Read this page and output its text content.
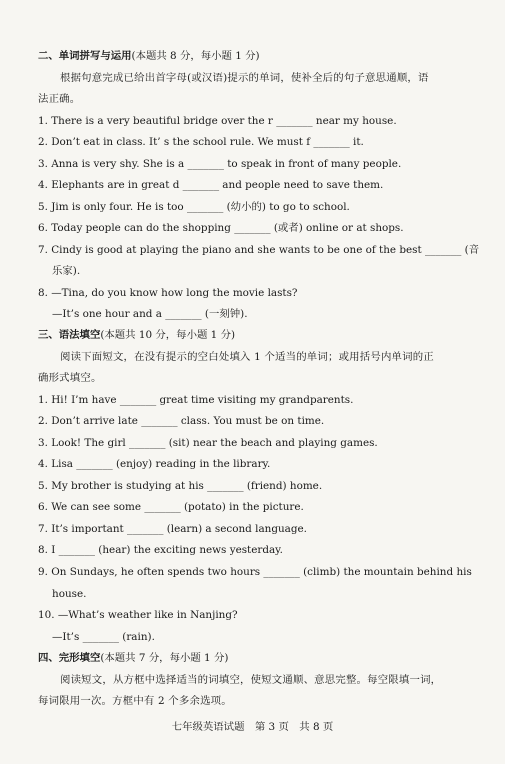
二、单词拼写与运用(本题共 8 分，每小题 1 分)
根据句意完成已给出首字母(或汉语)提示的单词，使补全后的句子意思通顺，语
法正确。
1. There is a very beautiful bridge over the r _______ near my house.
2. Don’t eat in class. It’ s the school rule. We must f _______ it.
3. Anna is very shy. She is a _______ to speak in front of many people.
4. Elephants are in great d _______ and people need to save them.
5. Jim is only four. He is too _______ (幼小的) to go to school.
6. Today people can do the shopping _______ (或者) online or at shops.
7. Cindy is good at playing the piano and she wants to be one of the best _______ (音
乐家).
8. —Tina, do you know how long the movie lasts?
—It’s one hour and a _______ (一刻钟).
三、语法填空(本题共 10 分，每小题 1 分)
阅读下面短文，在没有提示的空白处填入 1 个适当的单词；或用括号内单词的正
确形式填空。
1. Hi! I’m have _______ great time visiting my grandparents.
2. Don’t arrive late _______ class. You must be on time.
3. Look! The girl _______ (sit) near the beach and playing games.
4. Lisa _______ (enjoy) reading in the library.
5. My brother is studying at his _______ (friend) home.
6. We can see some _______ (potato) in the picture.
7. It’s important _______ (learn) a second language.
8. I _______ (hear) the exciting news yesterday.
9. On Sundays, he often spends two hours _______ (climb) the mountain behind his
house.
10. —What’s weather like in Nanjing?
—It’s _______ (rain).
四、完形填空(本题共 7 分，每小题 1 分)
阅读短文，从方框中选择适当的词填空，使短文通顺、意思完整。每空限填一词，
每词限用一次。方框中有 2 个多余选项。
七年级英语试题　第 3 页　共 8 页
